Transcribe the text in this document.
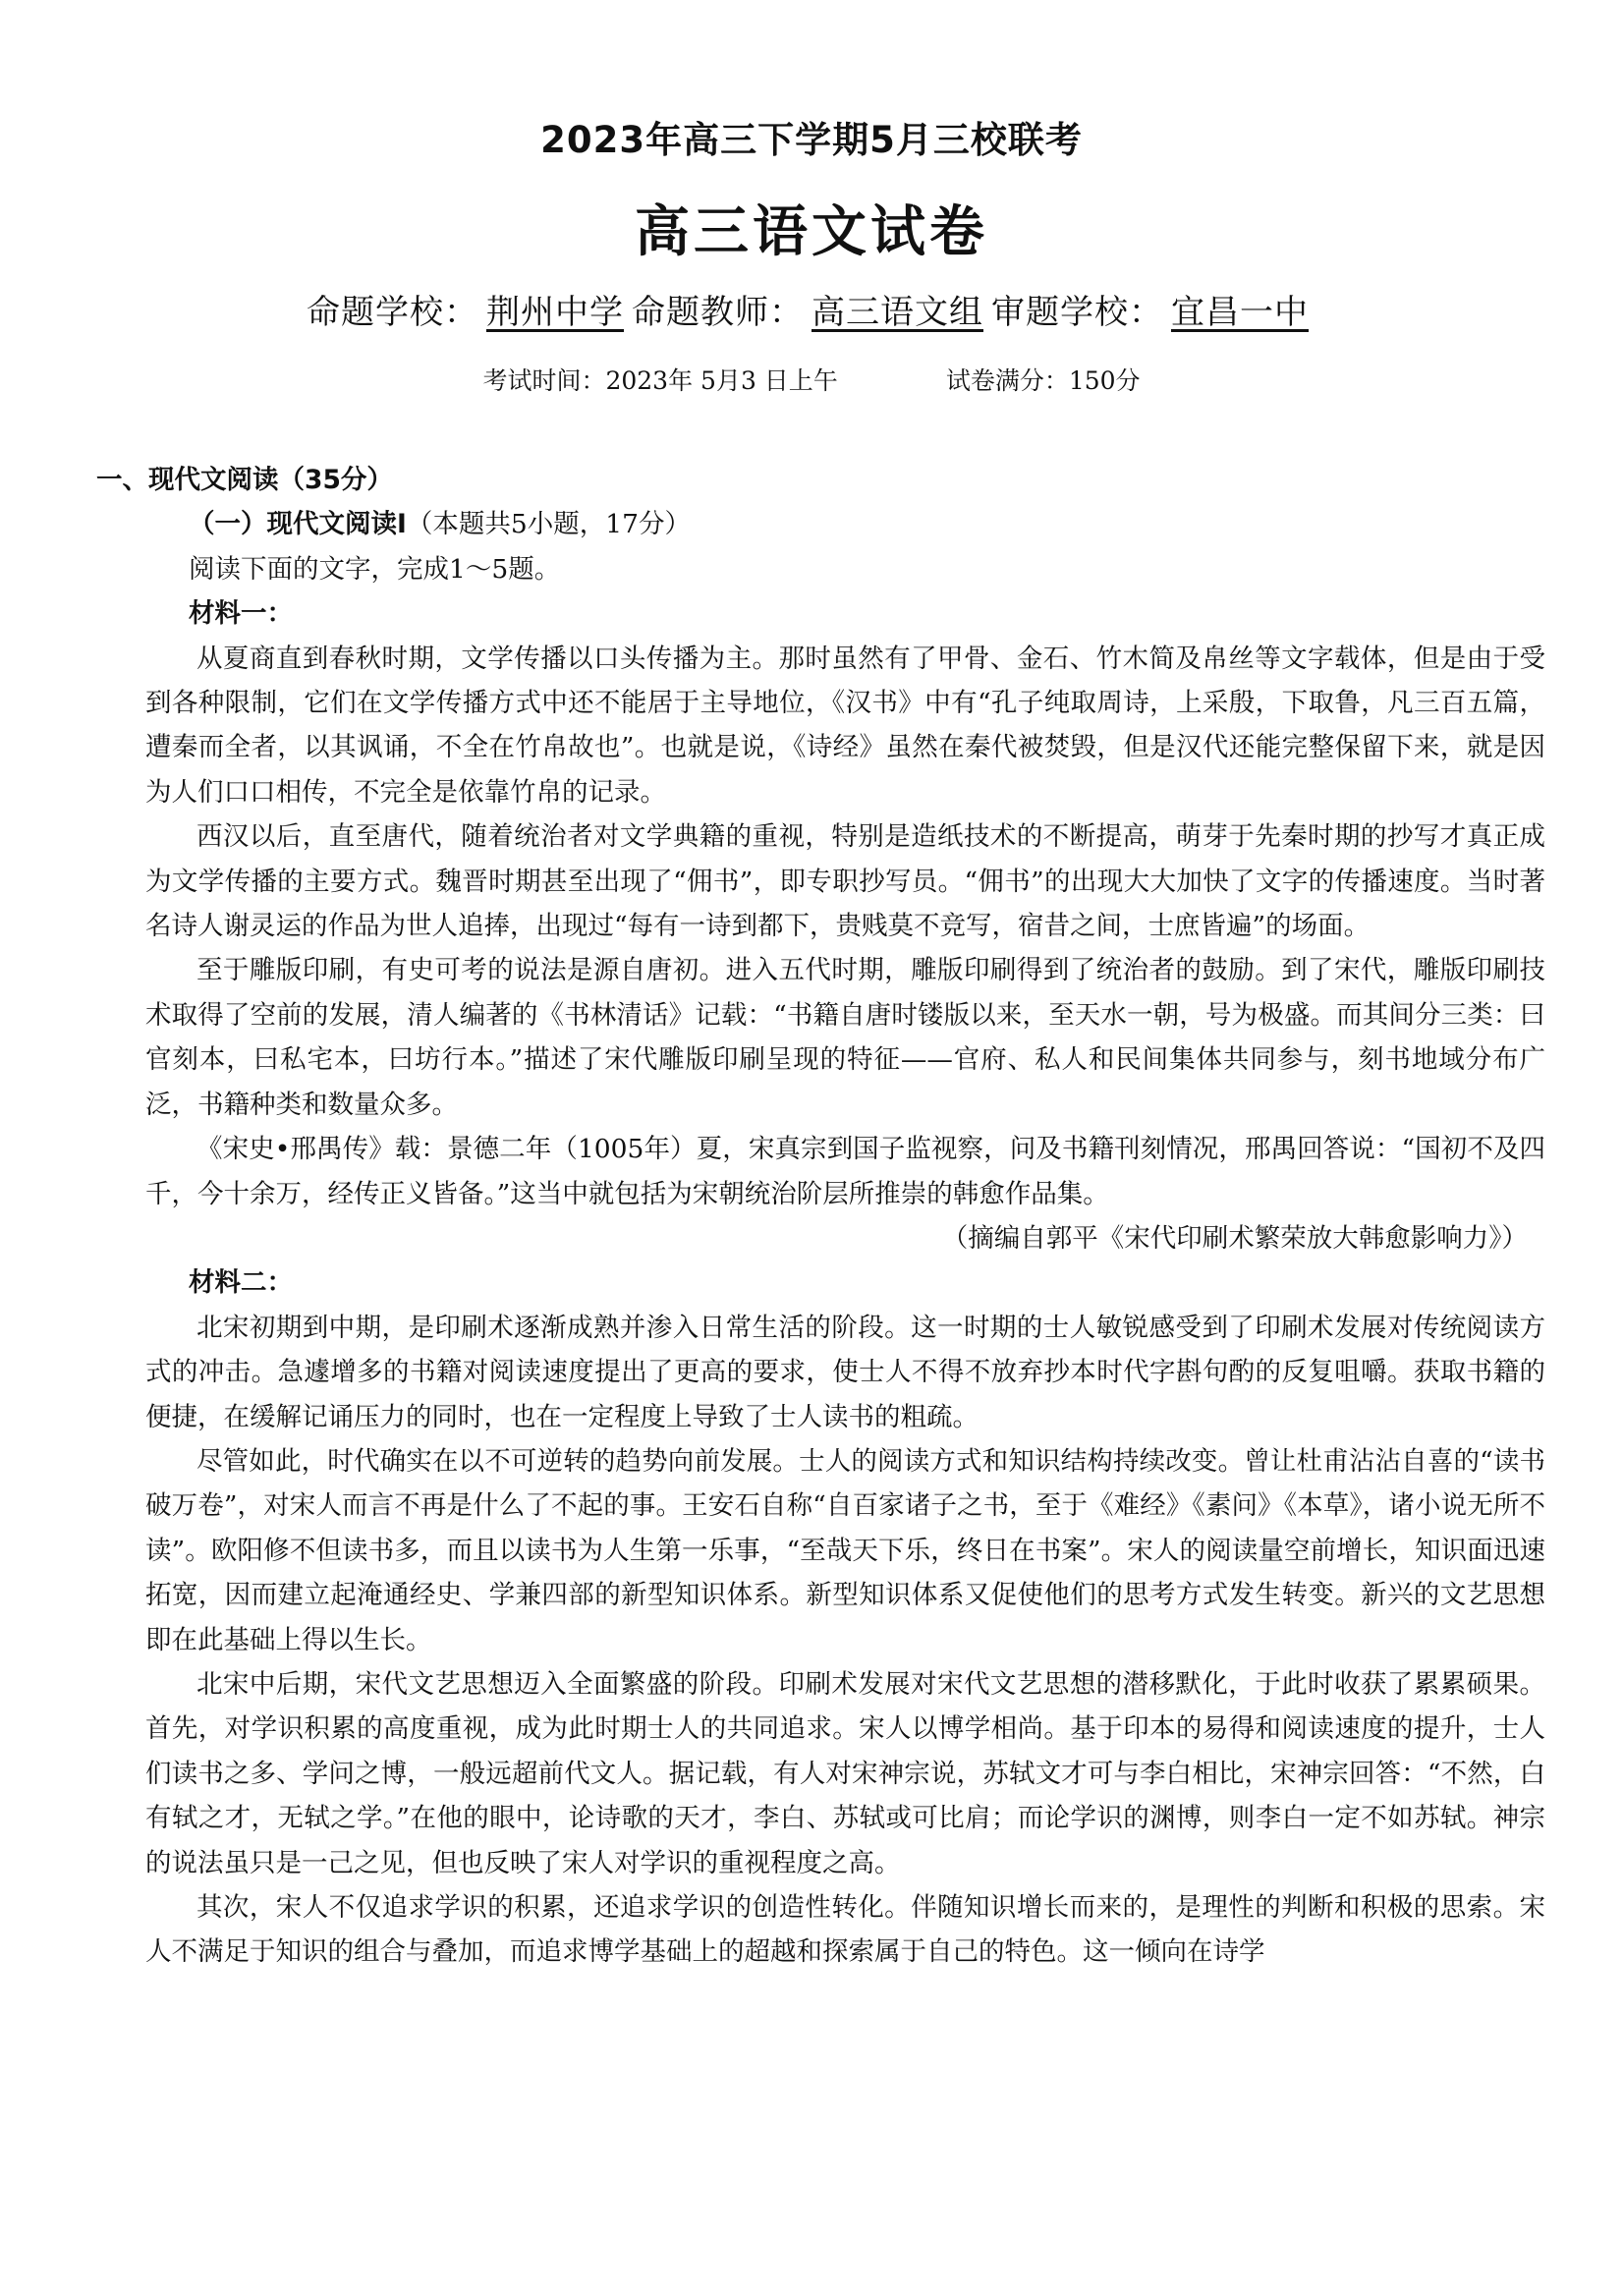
2023年高三下学期5月三校联考
高三语文试卷
命题学校： 荆州中学 命题教师： 高三语文组 审题学校： 宜昌一中
考试时间：2023年 5月3 日上午	试卷满分：150分

一、现代文阅读（35分）

（一）现代文阅读Ⅰ（本题共5小题，17分）

阅读下面的文字，完成1～5题。

材料一：

从夏商直到春秋时期，文学传播以口头传播为主。那时虽然有了甲骨、金石、竹木简及帛丝等文字载体，但是由于受到各种限制，它们在文学传播方式中还不能居于主导地位，《汉书》中有“孔子纯取周诗，上采殷，下取鲁，凡三百五篇，遭秦而全者，以其讽诵，不全在竹帛故也”。也就是说，《诗经》虽然在秦代被焚毁，但是汉代还能完整保留下来，就是因为人们口口相传，不完全是依靠竹帛的记录。

西汉以后，直至唐代，随着统治者对文学典籍的重视，特别是造纸技术的不断提高，萌芽于先秦时期的抄写才真正成为文学传播的主要方式。魏晋时期甚至出现了“佣书”，即专职抄写员。“佣书”的出现大大加快了文字的传播速度。当时著名诗人谢灵运的作品为世人追捧，出现过“每有一诗到都下，贵贱莫不竞写，宿昔之间，士庶皆遍”的场面。

至于雕版印刷，有史可考的说法是源自唐初。进入五代时期，雕版印刷得到了统治者的鼓励。到了宋代，雕版印刷技术取得了空前的发展，清人编著的《书林清话》记载：“书籍自唐时镂版以来，至天水一朝，号为极盛。而其间分三类：曰官刻本，曰私宅本，曰坊行本。”描述了宋代雕版印刷呈现的特征——官府、私人和民间集体共同参与，刻书地域分布广泛，书籍种类和数量众多。

《宋史•邢禺传》载：景德二年（1005年）夏，宋真宗到国子监视察，问及书籍刊刻情况，邢禺回答说：“国初不及四千，今十余万，经传正义皆备。”这当中就包括为宋朝统治阶层所推崇的韩愈作品集。

（摘编自郭平《宋代印刷术繁荣放大韩愈影响力》）

材料二：

北宋初期到中期，是印刷术逐渐成熟并渗入日常生活的阶段。这一时期的士人敏锐感受到了印刷术发展对传统阅读方式的冲击。急遽增多的书籍对阅读速度提出了更高的要求，使士人不得不放弃抄本时代字斟句酌的反复咀嚼。获取书籍的便捷，在缓解记诵压力的同时，也在一定程度上导致了士人读书的粗疏。

尽管如此，时代确实在以不可逆转的趋势向前发展。士人的阅读方式和知识结构持续改变。曾让杜甫沾沾自喜的“读书破万卷”，对宋人而言不再是什么了不起的事。王安石自称“自百家诸子之书，至于《难经》《素问》《本草》，诸小说无所不读”。欧阳修不但读书多，而且以读书为人生第一乐事，“至哉天下乐，终日在书案”。宋人的阅读量空前增长，知识面迅速拓宽，因而建立起淹通经史、学兼四部的新型知识体系。新型知识体系又促使他们的思考方式发生转变。新兴的文艺思想即在此基础上得以生长。

北宋中后期，宋代文艺思想迈入全面繁盛的阶段。印刷术发展对宋代文艺思想的潜移默化，于此时收获了累累硕果。首先，对学识积累的高度重视，成为此时期士人的共同追求。宋人以博学相尚。基于印本的易得和阅读速度的提升，士人们读书之多、学问之博，一般远超前代文人。据记载，有人对宋神宗说，苏轼文才可与李白相比，宋神宗回答：“不然，白有轼之才，无轼之学。”在他的眼中，论诗歌的天才，李白、苏轼或可比肩；而论学识的渊博，则李白一定不如苏轼。神宗的说法虽只是一己之见，但也反映了宋人对学识的重视程度之高。

其次，宋人不仅追求学识的积累，还追求学识的创造性转化。伴随知识增长而来的，是理性的判断和积极的思索。宋人不满足于知识的组合与叠加，而追求博学基础上的超越和探索属于自己的特色。这一倾向在诗学
